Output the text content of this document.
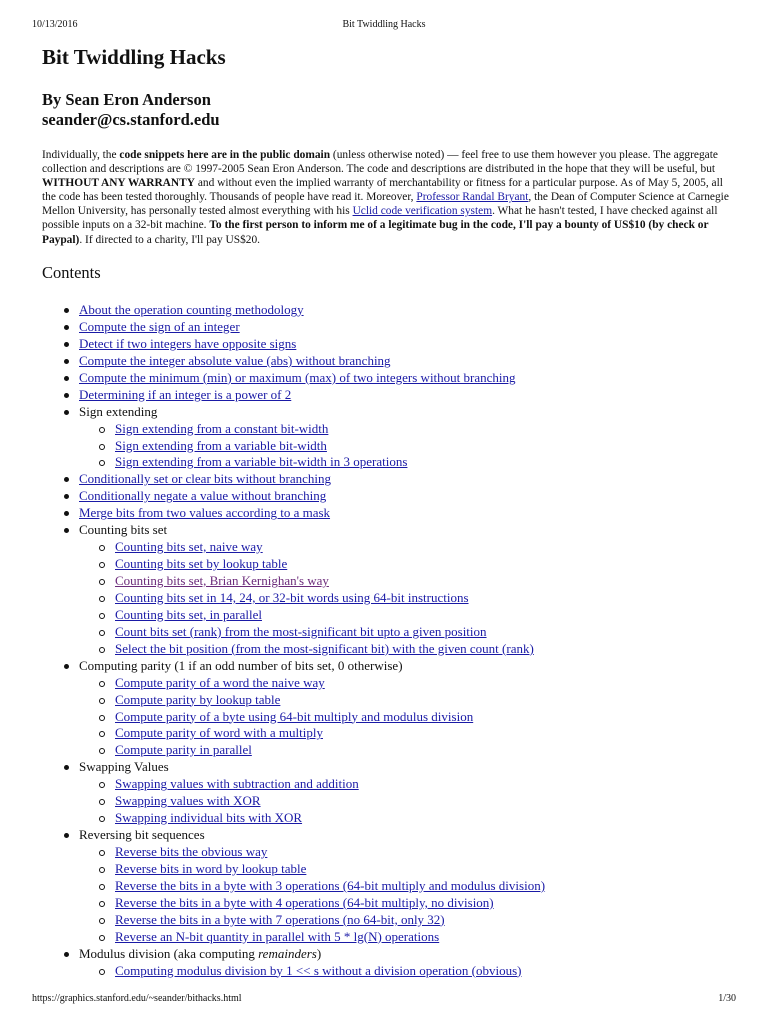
10/13/2016	Bit Twiddling Hacks
Bit Twiddling Hacks
By Sean Eron Anderson
seander@cs.stanford.edu

Individually, the code snippets here are in the public domain (unless otherwise noted) — feel free to use them however you please. The aggregate collection and descriptions are © 1997-2005 Sean Eron Anderson. The code and descriptions are distributed in the hope that they will be useful, but WITHOUT ANY WARRANTY and without even the implied warranty of merchantability or fitness for a particular purpose. As of May 5, 2005, all the code has been tested thoroughly. Thousands of people have read it. Moreover, Professor Randal Bryant, the Dean of Computer Science at Carnegie Mellon University, has personally tested almost everything with his Uclid code verification system. What he hasn't tested, I have checked against all possible inputs on a 32-bit machine. To the first person to inform me of a legitimate bug in the code, I'll pay a bounty of US$10 (by check or Paypal). If directed to a charity, I'll pay US$20.

Contents
About the operation counting methodology
Compute the sign of an integer
Detect if two integers have opposite signs
Compute the integer absolute value (abs) without branching
Compute the minimum (min) or maximum (max) of two integers without branching
Determining if an integer is a power of 2
Sign extending
Sign extending from a constant bit-width
Sign extending from a variable bit-width
Sign extending from a variable bit-width in 3 operations
Conditionally set or clear bits without branching
Conditionally negate a value without branching
Merge bits from two values according to a mask
Counting bits set
Counting bits set, naive way
Counting bits set by lookup table
Counting bits set, Brian Kernighan's way
Counting bits set in 14, 24, or 32-bit words using 64-bit instructions
Counting bits set, in parallel
Count bits set (rank) from the most-significant bit upto a given position
Select the bit position (from the most-significant bit) with the given count (rank)
Computing parity (1 if an odd number of bits set, 0 otherwise)
Compute parity of a word the naive way
Compute parity by lookup table
Compute parity of a byte using 64-bit multiply and modulus division
Compute parity of word with a multiply
Compute parity in parallel
Swapping Values
Swapping values with subtraction and addition
Swapping values with XOR
Swapping individual bits with XOR
Reversing bit sequences
Reverse bits the obvious way
Reverse bits in word by lookup table
Reverse the bits in a byte with 3 operations (64-bit multiply and modulus division)
Reverse the bits in a byte with 4 operations (64-bit multiply, no division)
Reverse the bits in a byte with 7 operations (no 64-bit, only 32)
Reverse an N-bit quantity in parallel with 5 * lg(N) operations
Modulus division (aka computing remainders)
Computing modulus division by 1 << s without a division operation (obvious)
https://graphics.stanford.edu/~seander/bithacks.html	1/30
